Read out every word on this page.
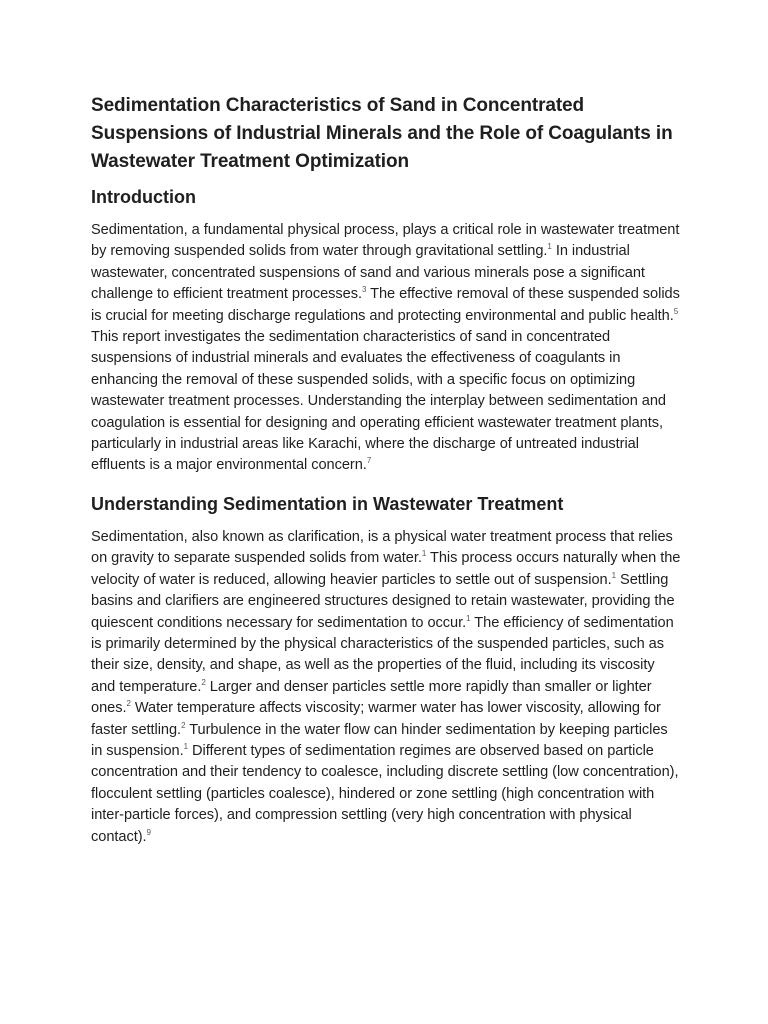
Sedimentation Characteristics of Sand in Concentrated Suspensions of Industrial Minerals and the Role of Coagulants in Wastewater Treatment Optimization
Introduction

Sedimentation, a fundamental physical process, plays a critical role in wastewater treatment by removing suspended solids from water through gravitational settling.$^1$ In industrial wastewater, concentrated suspensions of sand and various minerals pose a significant challenge to efficient treatment processes.$^3$ The effective removal of these suspended solids is crucial for meeting discharge regulations and protecting environmental and public health.$^5$ This report investigates the sedimentation characteristics of sand in concentrated suspensions of industrial minerals and evaluates the effectiveness of coagulants in enhancing the removal of these suspended solids, with a specific focus on optimizing wastewater treatment processes. Understanding the interplay between sedimentation and coagulation is essential for designing and operating efficient wastewater treatment plants, particularly in industrial areas like Karachi, where the discharge of untreated industrial effluents is a major environmental concern.$^7$

Understanding Sedimentation in Wastewater Treatment

Sedimentation, also known as clarification, is a physical water treatment process that relies on gravity to separate suspended solids from water.$^1$ This process occurs naturally when the velocity of water is reduced, allowing heavier particles to settle out of suspension.$^1$ Settling basins and clarifiers are engineered structures designed to retain wastewater, providing the quiescent conditions necessary for sedimentation to occur.$^1$ The efficiency of sedimentation is primarily determined by the physical characteristics of the suspended particles, such as their size, density, and shape, as well as the properties of the fluid, including its viscosity and temperature.$^2$ Larger and denser particles settle more rapidly than smaller or lighter ones.$^2$ Water temperature affects viscosity; warmer water has lower viscosity, allowing for faster settling.$^2$ Turbulence in the water flow can hinder sedimentation by keeping particles in suspension.$^1$ Different types of sedimentation regimes are observed based on particle concentration and their tendency to coalesce, including discrete settling (low concentration), flocculent settling (particles coalesce), hindered or zone settling (high concentration with inter-particle forces), and compression settling (very high concentration with physical contact).$^9$
